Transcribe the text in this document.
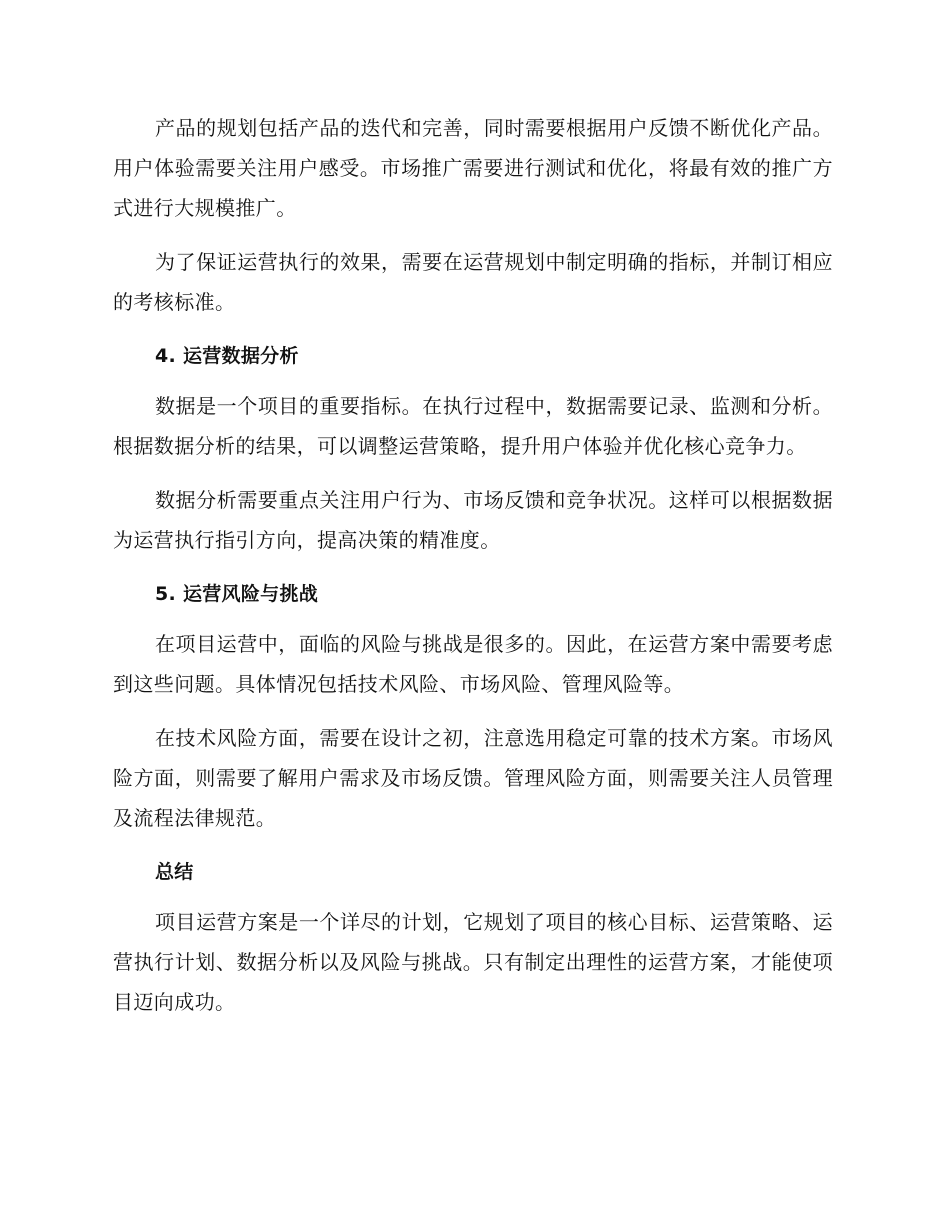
产品的规划包括产品的迭代和完善，同时需要根据用户反馈不断优化产品。用户体验需要关注用户感受。市场推广需要进行测试和优化，将最有效的推广方式进行大规模推广。

为了保证运营执行的效果，需要在运营规划中制定明确的指标，并制订相应的考核标准。

4. 运营数据分析

数据是一个项目的重要指标。在执行过程中，数据需要记录、监测和分析。根据数据分析的结果，可以调整运营策略，提升用户体验并优化核心竞争力。

数据分析需要重点关注用户行为、市场反馈和竞争状况。这样可以根据数据为运营执行指引方向，提高决策的精准度。

5. 运营风险与挑战

在项目运营中，面临的风险与挑战是很多的。因此，在运营方案中需要考虑到这些问题。具体情况包括技术风险、市场风险、管理风险等。

在技术风险方面，需要在设计之初，注意选用稳定可靠的技术方案。市场风险方面，则需要了解用户需求及市场反馈。管理风险方面，则需要关注人员管理及流程法律规范。

总结

项目运营方案是一个详尽的计划，它规划了项目的核心目标、运营策略、运营执行计划、数据分析以及风险与挑战。只有制定出理性的运营方案，才能使项目迈向成功。
